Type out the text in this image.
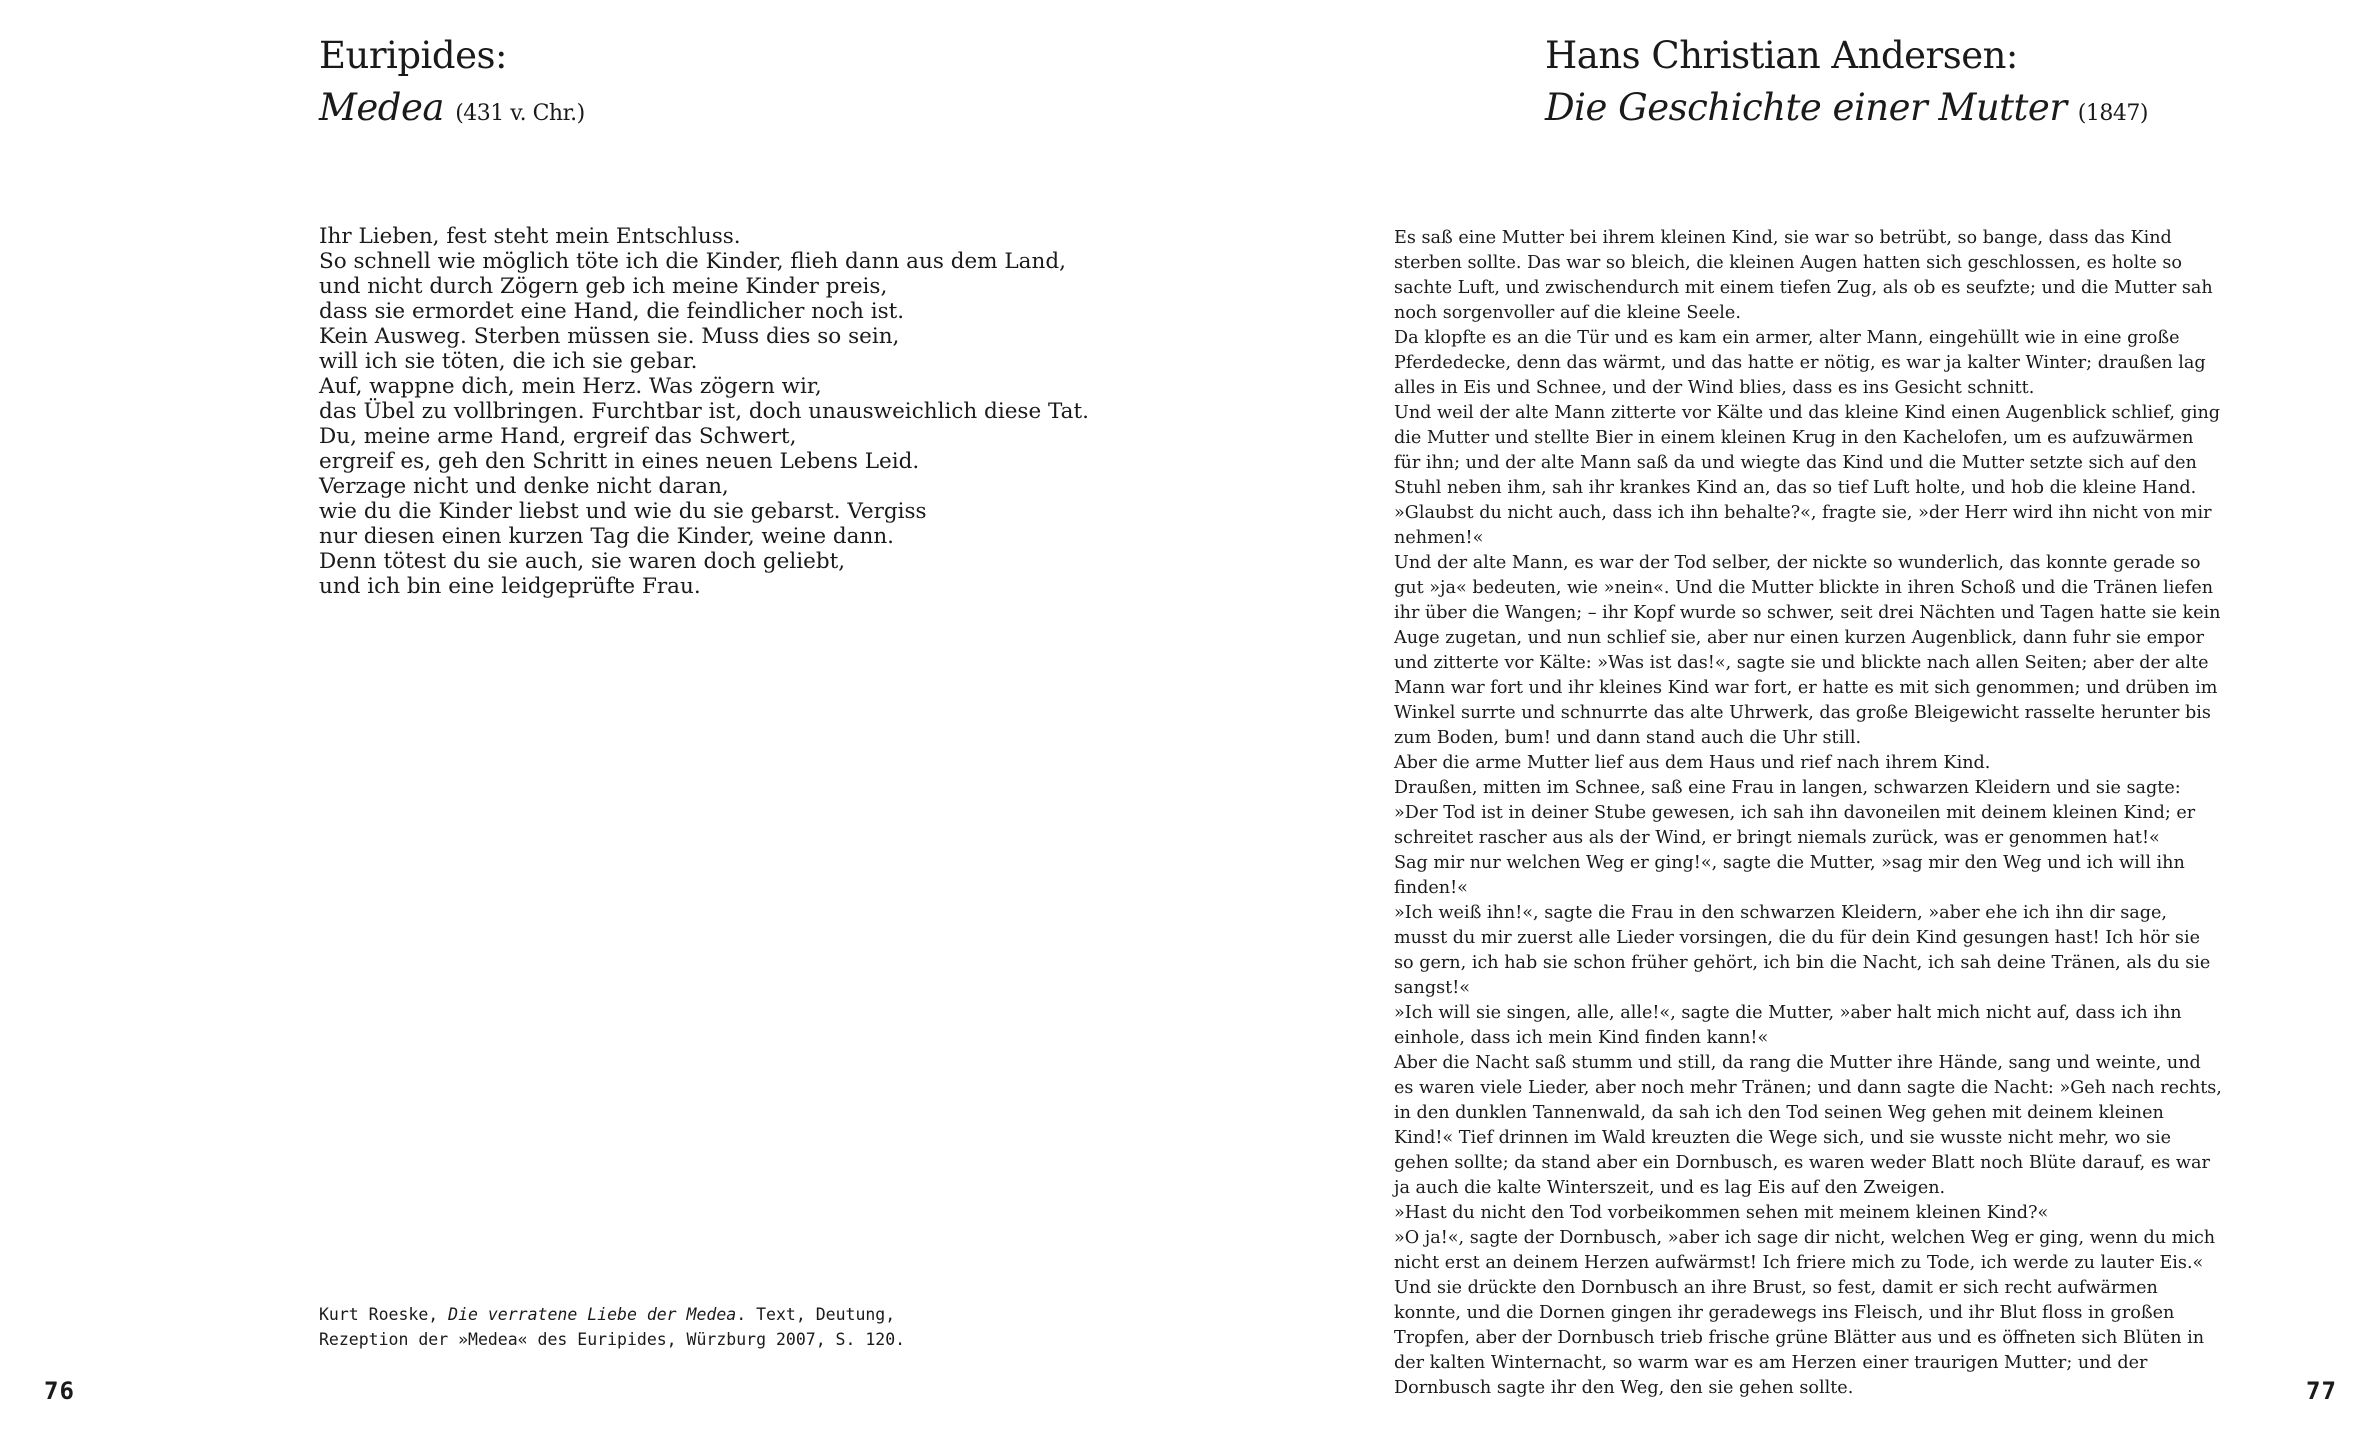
Euripides:
Medea (431 v. Chr.)
Ihr Lieben, fest steht mein Entschluss.
So schnell wie möglich töte ich die Kinder, flieh dann aus dem Land,
und nicht durch Zögern geb ich meine Kinder preis,
dass sie ermordet eine Hand, die feindlicher noch ist.
Kein Ausweg. Sterben müssen sie. Muss dies so sein,
will ich sie töten, die ich sie gebar.
Auf, wappne dich, mein Herz. Was zögern wir,
das Übel zu vollbringen. Furchtbar ist, doch unausweichlich diese Tat.
Du, meine arme Hand, ergreif das Schwert,
ergreif es, geh den Schritt in eines neuen Lebens Leid.
Verzage nicht und denke nicht daran,
wie du die Kinder liebst und wie du sie gebarst. Vergiss
nur diesen einen kurzen Tag die Kinder, weine dann.
Denn tötest du sie auch, sie waren doch geliebt,
und ich bin eine leidgeprüfte Frau.
Kurt Roeske, Die verratene Liebe der Medea. Text, Deutung,
Rezeption der »Medea« des Euripides, Würzburg 2007, S. 120.
76
Hans Christian Andersen:
Die Geschichte einer Mutter (1847)

Es saß eine Mutter bei ihrem kleinen Kind, sie war so betrübt, so bange, dass das Kind sterben sollte. Das war so bleich, die kleinen Augen hatten sich geschlossen, es holte so sachte Luft, und zwischendurch mit einem tiefen Zug, als ob es seufzte; und die Mutter sah noch sorgenvoller auf die kleine Seele.

Da klopfte es an die Tür und es kam ein armer, alter Mann, eingehüllt wie in eine große Pferdedecke, denn das wärmt, und das hatte er nötig, es war ja kalter Winter; draußen lag alles in Eis und Schnee, und der Wind blies, dass es ins Gesicht schnitt.

Und weil der alte Mann zitterte vor Kälte und das kleine Kind einen Augenblick schlief, ging die Mutter und stellte Bier in einem kleinen Krug in den Kachelofen, um es aufzuwärmen für ihn; und der alte Mann saß da und wiegte das Kind und die Mutter setzte sich auf den Stuhl neben ihm, sah ihr krankes Kind an, das so tief Luft holte, und hob die kleine Hand.

»Glaubst du nicht auch, dass ich ihn behalte?«, fragte sie, »der Herr wird ihn nicht von mir nehmen!«

Und der alte Mann, es war der Tod selber, der nickte so wunderlich, das konnte gerade so gut »ja« bedeuten, wie »nein«. Und die Mutter blickte in ihren Schoß und die Tränen liefen ihr über die Wangen; – ihr Kopf wurde so schwer, seit drei Nächten und Tagen hatte sie kein Auge zugetan, und nun schlief sie, aber nur einen kurzen Augenblick, dann fuhr sie empor und zitterte vor Kälte: »Was ist das!«, sagte sie und blickte nach allen Seiten; aber der alte Mann war fort und ihr kleines Kind war fort, er hatte es mit sich genommen; und drüben im Winkel surrte und schnurrte das alte Uhrwerk, das große Bleigewicht rasselte herunter bis zum Boden, bum! und dann stand auch die Uhr still.

Aber die arme Mutter lief aus dem Haus und rief nach ihrem Kind.

Draußen, mitten im Schnee, saß eine Frau in langen, schwarzen Kleidern und sie sagte: »Der Tod ist in deiner Stube gewesen, ich sah ihn davoneilen mit deinem kleinen Kind; er schreitet rascher aus als der Wind, er bringt niemals zurück, was er genommen hat!«

Sag mir nur welchen Weg er ging!«, sagte die Mutter, »sag mir den Weg und ich will ihn finden!«

»Ich weiß ihn!«, sagte die Frau in den schwarzen Kleidern, »aber ehe ich ihn dir sage, musst du mir zuerst alle Lieder vorsingen, die du für dein Kind gesungen hast! Ich hör sie so gern, ich hab sie schon früher gehört, ich bin die Nacht, ich sah deine Tränen, als du sie sangst!«

»Ich will sie singen, alle, alle!«, sagte die Mutter, »aber halt mich nicht auf, dass ich ihn einhole, dass ich mein Kind finden kann!«

Aber die Nacht saß stumm und still, da rang die Mutter ihre Hände, sang und weinte, und es waren viele Lieder, aber noch mehr Tränen; und dann sagte die Nacht: »Geh nach rechts, in den dunklen Tannenwald, da sah ich den Tod seinen Weg gehen mit deinem kleinen Kind!« Tief drinnen im Wald kreuzten die Wege sich, und sie wusste nicht mehr, wo sie gehen sollte; da stand aber ein Dornbusch, es waren weder Blatt noch Blüte darauf, es war ja auch die kalte Winterszeit, und es lag Eis auf den Zweigen.

»Hast du nicht den Tod vorbeikommen sehen mit meinem kleinen Kind?«

»O ja!«, sagte der Dornbusch, »aber ich sage dir nicht, welchen Weg er ging, wenn du mich nicht erst an deinem Herzen aufwärmst! Ich friere mich zu Tode, ich werde zu lauter Eis.« Und sie drückte den Dornbusch an ihre Brust, so fest, damit er sich recht aufwärmen konnte, und die Dornen gingen ihr geradewegs ins Fleisch, und ihr Blut floss in großen Tropfen, aber der Dornbusch trieb frische grüne Blätter aus und es öffneten sich Blüten in der kalten Winternacht, so warm war es am Herzen einer traurigen Mutter; und der Dornbusch sagte ihr den Weg, den sie gehen sollte.	77
